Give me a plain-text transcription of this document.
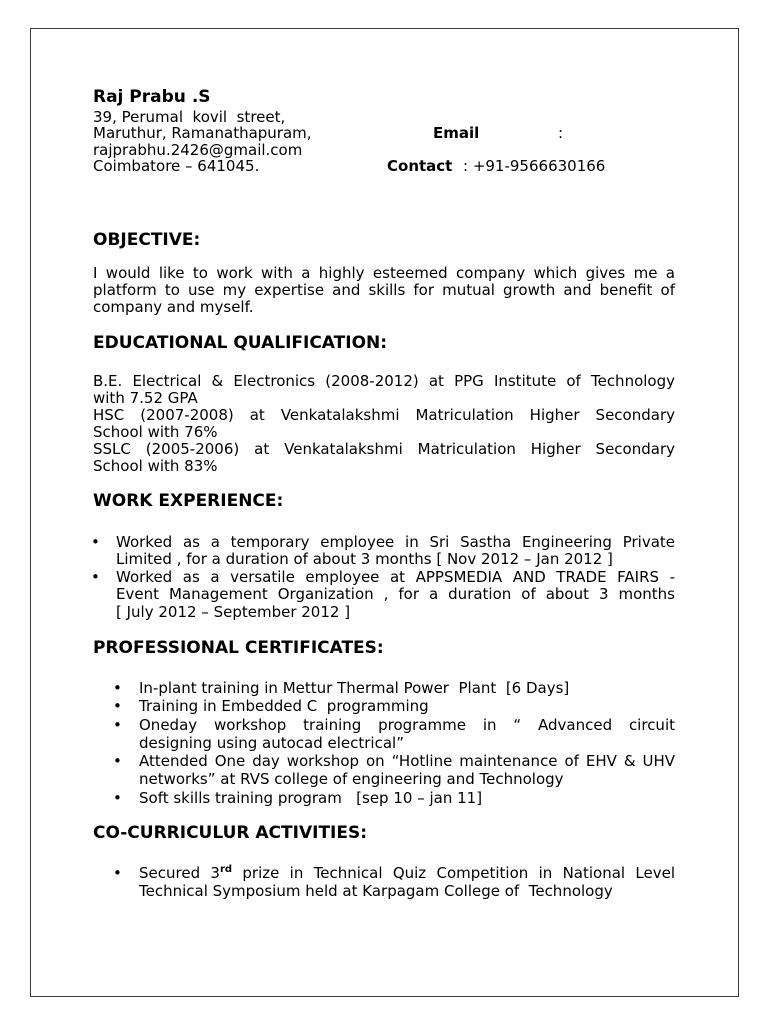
Raj Prabu .S
39, Perumal  kovil  street,
Maruthur, Ramanathapuram,
rajprabhu.2426@gmail.com
Coimbatore – 641045.
Email	:
Contact : +91-9566630166
OBJECTIVE:
I would like to work with a highly esteemed company which gives me a
platform to use my expertise and skills for mutual growth and benefit of
company and myself.
EDUCATIONAL QUALIFICATION:
B.E. Electrical & Electronics (2008-2012) at PPG Institute of Technology
with 7.52 GPA
HSC (2007-2008) at Venkatalakshmi Matriculation Higher Secondary
School with 76%
SSLC (2005-2006) at Venkatalakshmi Matriculation Higher Secondary
School with 83%
WORK EXPERIENCE:
• Worked as a temporary employee in Sri Sastha Engineering Private
Limited , for a duration of about 3 months [ Nov 2012 – Jan 2012 ]
• Worked as a versatile employee at APPSMEDIA AND TRADE FAIRS -
Event Management Organization , for a duration of about 3 months
[ July 2012 – September 2012 ]
PROFESSIONAL CERTIFICATES:
• In-plant training in Mettur Thermal Power  Plant  [6 Days]
• Training in Embedded C  programming
• Oneday workshop training programme in “ Advanced circuit
designing using autocad electrical”
• Attended One day workshop on “Hotline maintenance of EHV & UHV
networks” at RVS college of engineering and Technology
• Soft skills training program   [sep 10 – jan 11]
CO-CURRICULUR ACTIVITIES:
• Secured 3rd prize in Technical Quiz Competition in National Level
Technical Symposium held at Karpagam College of  Technology
